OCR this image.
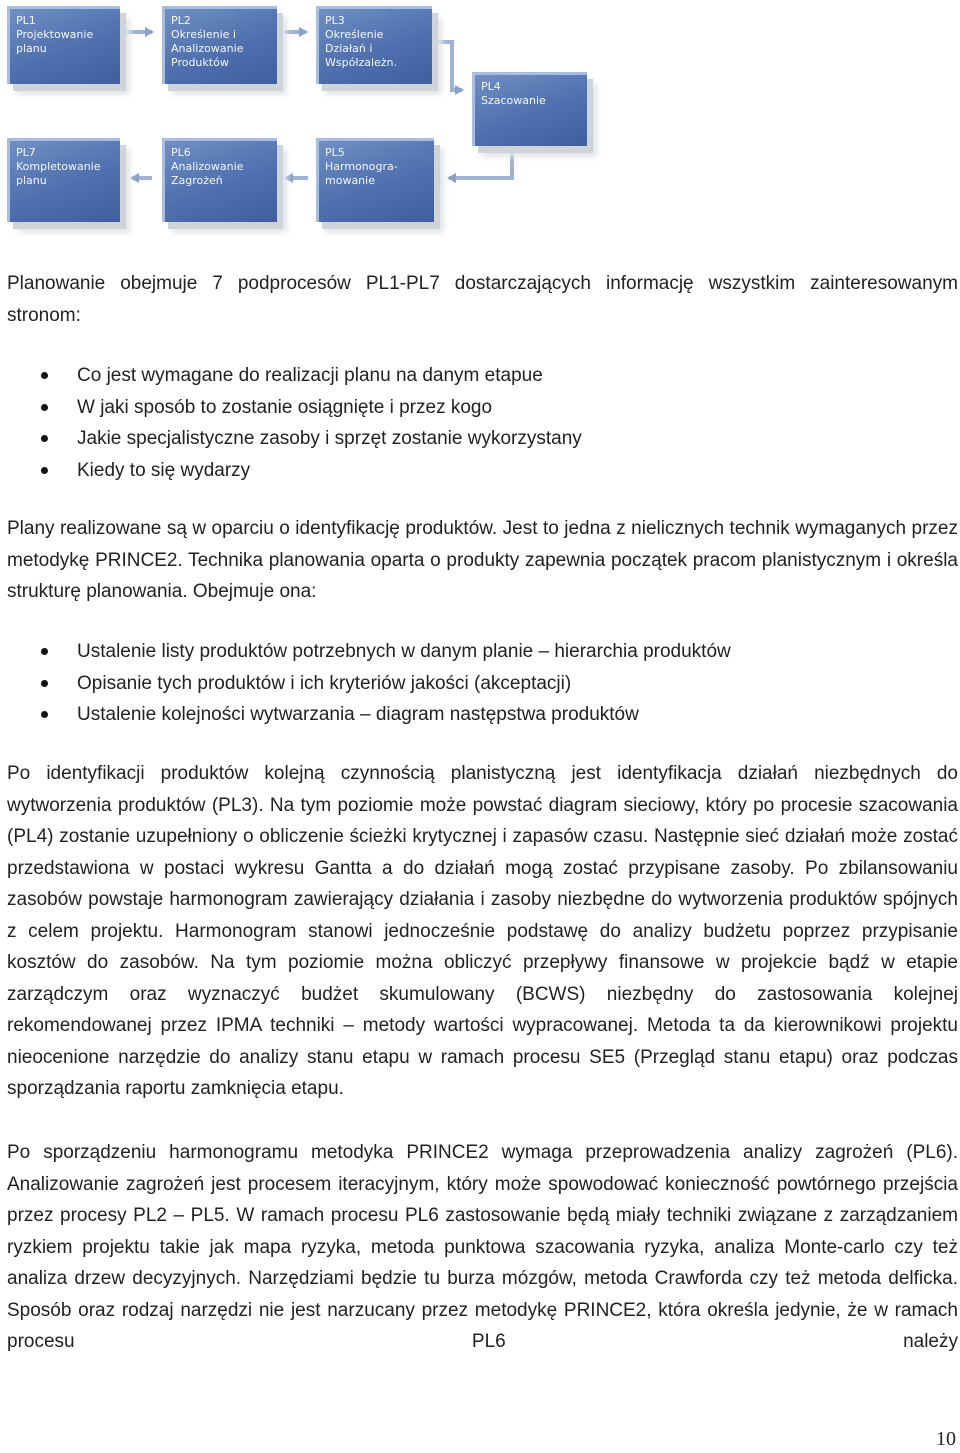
PL1
Projektowanie
planu
PL2
Określenie i
Analizowanie
Produktów
PL3
Określenie
Działań i
Współzależn.
PL4
Szacowanie
PL7
Kompletowanie
planu
PL6
Analizowanie
Zagrożeń
PL5
Harmonogra-
mowanie

Planowanie obejmuje 7 podprocesów PL1-PL7 dostarczających informację wszystkim zainteresowanym stronom:

Co jest wymagane do realizacji planu na danym etapue
W jaki sposób to zostanie osiągnięte i przez kogo
Jakie specjalistyczne zasoby i sprzęt zostanie wykorzystany
Kiedy to się wydarzy

Plany realizowane są w oparciu o identyfikację produktów. Jest to jedna z nielicznych technik wymaganych przez metodykę PRINCE2. Technika planowania oparta o produkty zapewnia początek pracom planistycznym i określa strukturę planowania. Obejmuje ona:

Ustalenie listy produktów potrzebnych w danym planie – hierarchia produktów
Opisanie tych produktów i ich kryteriów jakości (akceptacji)
Ustalenie kolejności wytwarzania – diagram następstwa produktów

Po identyfikacji produktów kolejną czynnością planistyczną jest identyfikacja działań niezbędnych do wytworzenia produktów (PL3). Na tym poziomie może powstać diagram sieciowy, który po procesie szacowania (PL4) zostanie uzupełniony o obliczenie ścieżki krytycznej i zapasów czasu. Następnie sieć działań może zostać przedstawiona w postaci wykresu Gantta a do działań mogą zostać przypisane zasoby. Po zbilansowaniu zasobów powstaje harmonogram zawierający działania i zasoby niezbędne do wytworzenia produktów spójnych z celem projektu. Harmonogram stanowi jednocześnie podstawę do analizy budżetu poprzez przypisanie kosztów do zasobów. Na tym poziomie można obliczyć przepływy finansowe w projekcie bądź w etapie zarządczym oraz wyznaczyć budżet skumulowany (BCWS) niezbędny do zastosowania kolejnej rekomendowanej przez IPMA techniki – metody wartości wypracowanej. Metoda ta da kierownikowi projektu nieocenione narzędzie do analizy stanu etapu w ramach procesu SE5 (Przegląd stanu etapu) oraz podczas sporządzania raportu zamknięcia etapu.

Po sporządzeniu harmonogramu metodyka PRINCE2 wymaga przeprowadzenia analizy zagrożeń (PL6). Analizowanie zagrożeń jest procesem iteracyjnym, który może spowodować konieczność powtórnego przejścia przez procesy PL2 – PL5. W ramach procesu PL6 zastosowanie będą miały techniki związane z zarządzaniem ryzkiem projektu takie jak mapa ryzyka, metoda punktowa szacowania ryzyka, analiza Monte-carlo czy też analiza drzew decyzyjnych. Narzędziami będzie tu burza mózgów, metoda Crawforda czy też metoda delficka. Sposób oraz rodzaj narzędzi nie jest narzucany przez metodykę PRINCE2, która określa jedynie, że w ramach procesu PL6 należy

10
